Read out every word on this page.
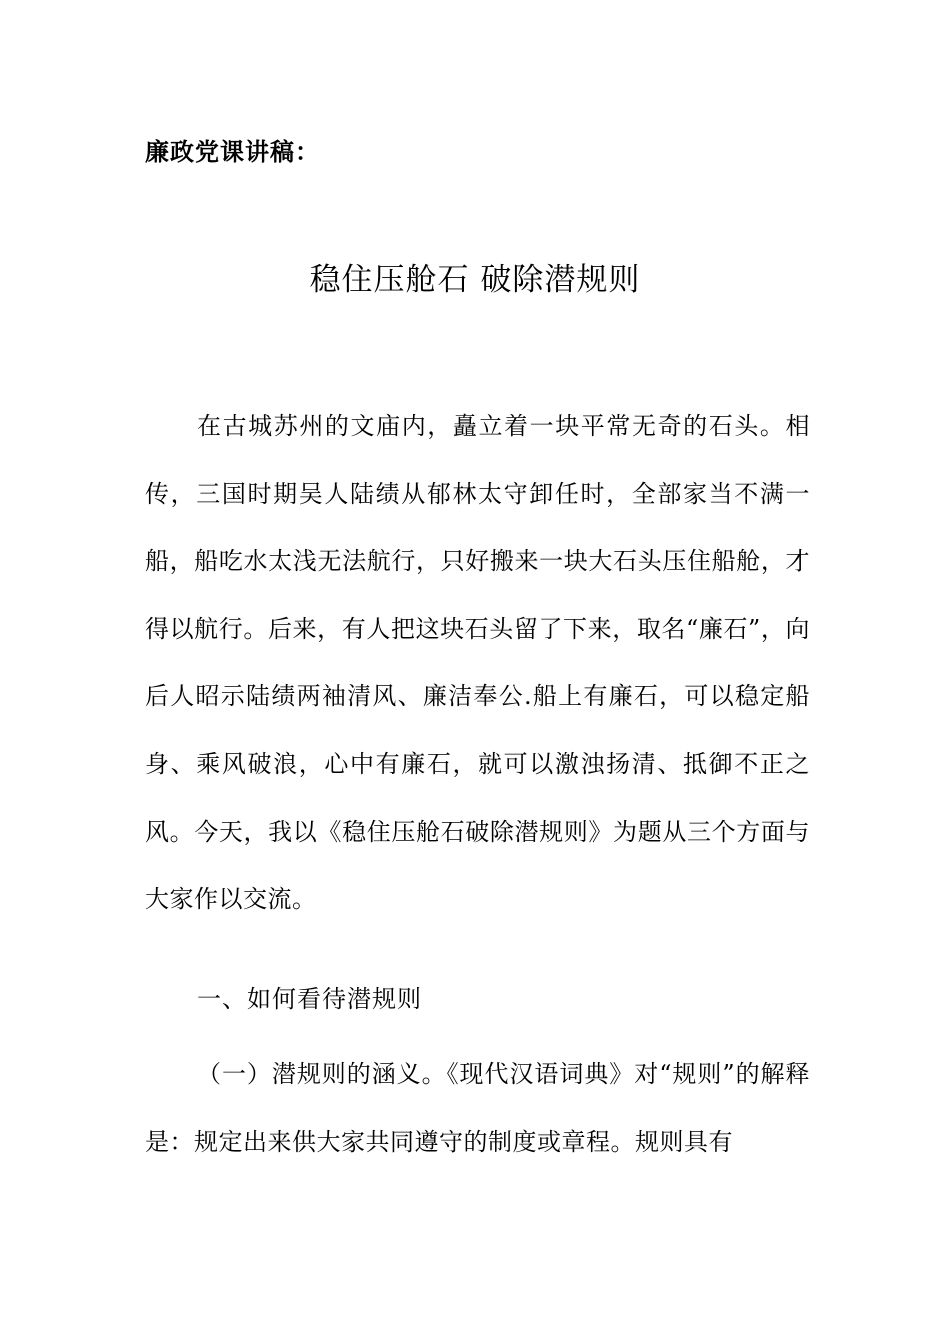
廉政党课讲稿：
稳住压舱石 破除潜规则
在古城苏州的文庙内，矗立着一块平常无奇的石头。相传，三国时期吴人陆绩从郁林太守卸任时，全部家当不满一船，船吃水太浅无法航行，只好搬来一块大石头压住船舱，才得以航行。后来，有人把这块石头留了下来，取名“廉石”，向后人昭示陆绩两袖清风、廉洁奉公.船上有廉石，可以稳定船身、乘风破浪，心中有廉石，就可以激浊扬清、抵御不正之风。今天，我以《稳住压舱石破除潜规则》为题从三个方面与大家作以交流。
一、如何看待潜规则
（一）潜规则的涵义。《现代汉语词典》对“规则”的解释是：规定出来供大家共同遵守的制度或章程。规则具有
